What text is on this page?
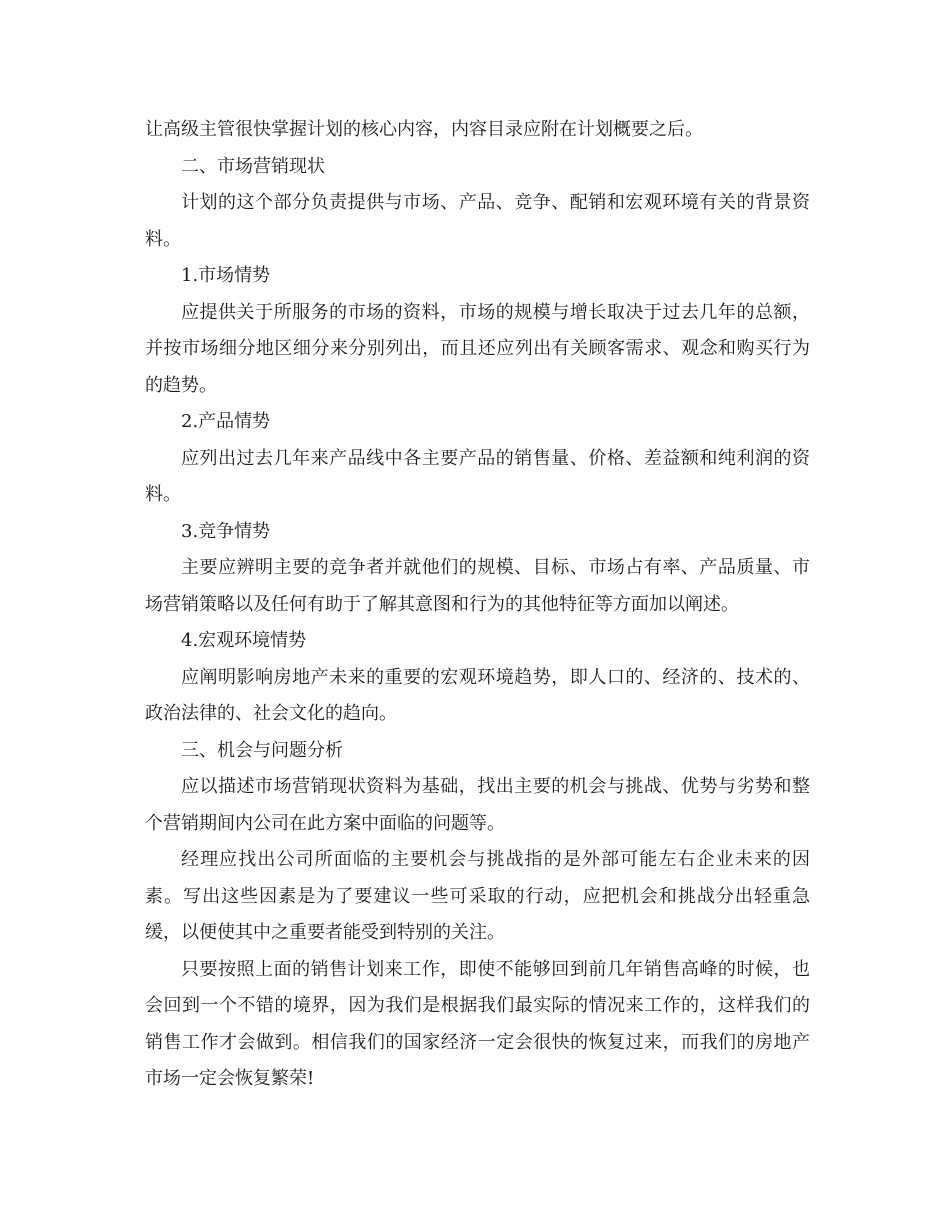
让高级主管很快掌握计划的核心内容，内容目录应附在计划概要之后。

二、市场营销现状

计划的这个部分负责提供与市场、产品、竞争、配销和宏观环境有关的背景资料。

1.市场情势

应提供关于所服务的市场的资料，市场的规模与增长取决于过去几年的总额，并按市场细分地区细分来分别列出，而且还应列出有关顾客需求、观念和购买行为的趋势。

2.产品情势

应列出过去几年来产品线中各主要产品的销售量、价格、差益额和纯利润的资料。

3.竞争情势

主要应辨明主要的竞争者并就他们的规模、目标、市场占有率、产品质量、市场营销策略以及任何有助于了解其意图和行为的其他特征等方面加以阐述。

4.宏观环境情势

应阐明影响房地产未来的重要的宏观环境趋势，即人口的、经济的、技术的、政治法律的、社会文化的趋向。

三、机会与问题分析

应以描述市场营销现状资料为基础，找出主要的机会与挑战、优势与劣势和整个营销期间内公司在此方案中面临的问题等。

经理应找出公司所面临的主要机会与挑战指的是外部可能左右企业未来的因素。写出这些因素是为了要建议一些可采取的行动，应把机会和挑战分出轻重急缓，以便使其中之重要者能受到特别的关注。

只要按照上面的销售计划来工作，即使不能够回到前几年销售高峰的时候，也会回到一个不错的境界，因为我们是根据我们最实际的情况来工作的，这样我们的销售工作才会做到。相信我们的国家经济一定会很快的恢复过来，而我们的房地产市场一定会恢复繁荣!
